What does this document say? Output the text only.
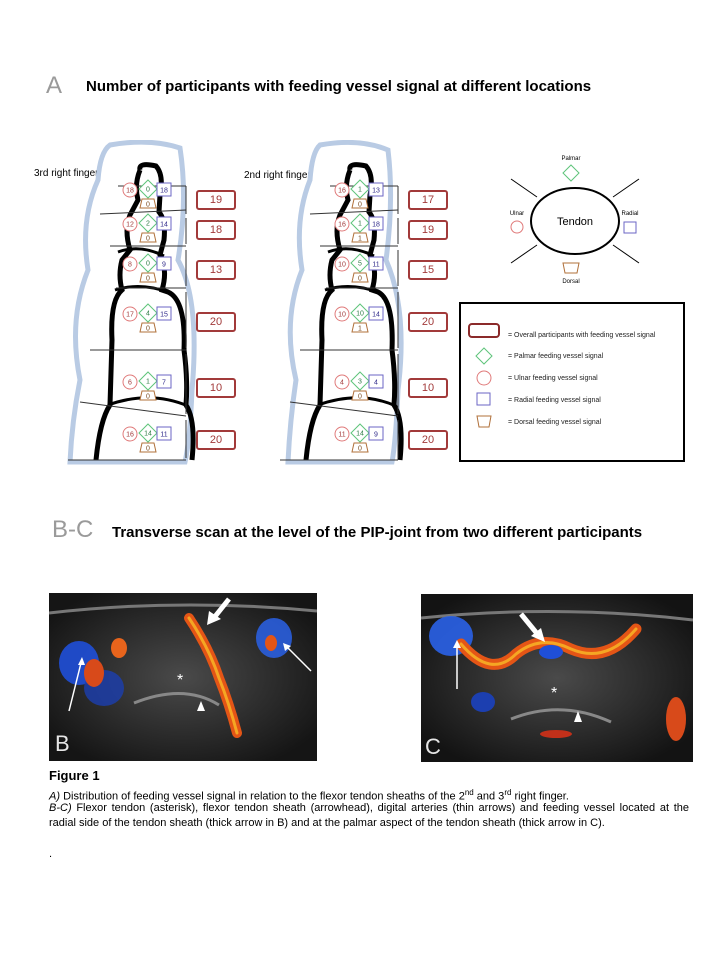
A Number of participants with feeding vessel signal at different locations
3rd right finger	2nd right finger
19
18
13
20
10
20
17
19
15
20
10
20
18 0 18
0
12 2 14
0
8 0 9
0
17 4 15
0
6 1 7
0
16 14 11
0
16 1 13
0
16 1 18
1
10 5 11
0
10 10 14
1
4 3 4
0
11 14 9
0
Tendon
Palmar
Ulnar	Radial
Dorsal
= Overall participants with feeding vessel signal
= Palmar feeding vessel signal
= Ulnar feeding vessel signal
= Radial feeding vessel signal
= Dorsal feeding vessel signal
B-C Transverse scan at the level of the PIP-joint from two different participants
*
B
*
C
Figure 1
A) Distribution of feeding vessel signal in relation to the flexor tendon sheaths of the 2nd and 3rd right finger.
B-C) Flexor tendon (asterisk), flexor tendon sheath (arrowhead), digital arteries (thin arrows) and feeding vessel located at the radial side of the tendon sheath (thick arrow in B) and at the palmar aspect of the tendon sheath (thick arrow in C).
.
